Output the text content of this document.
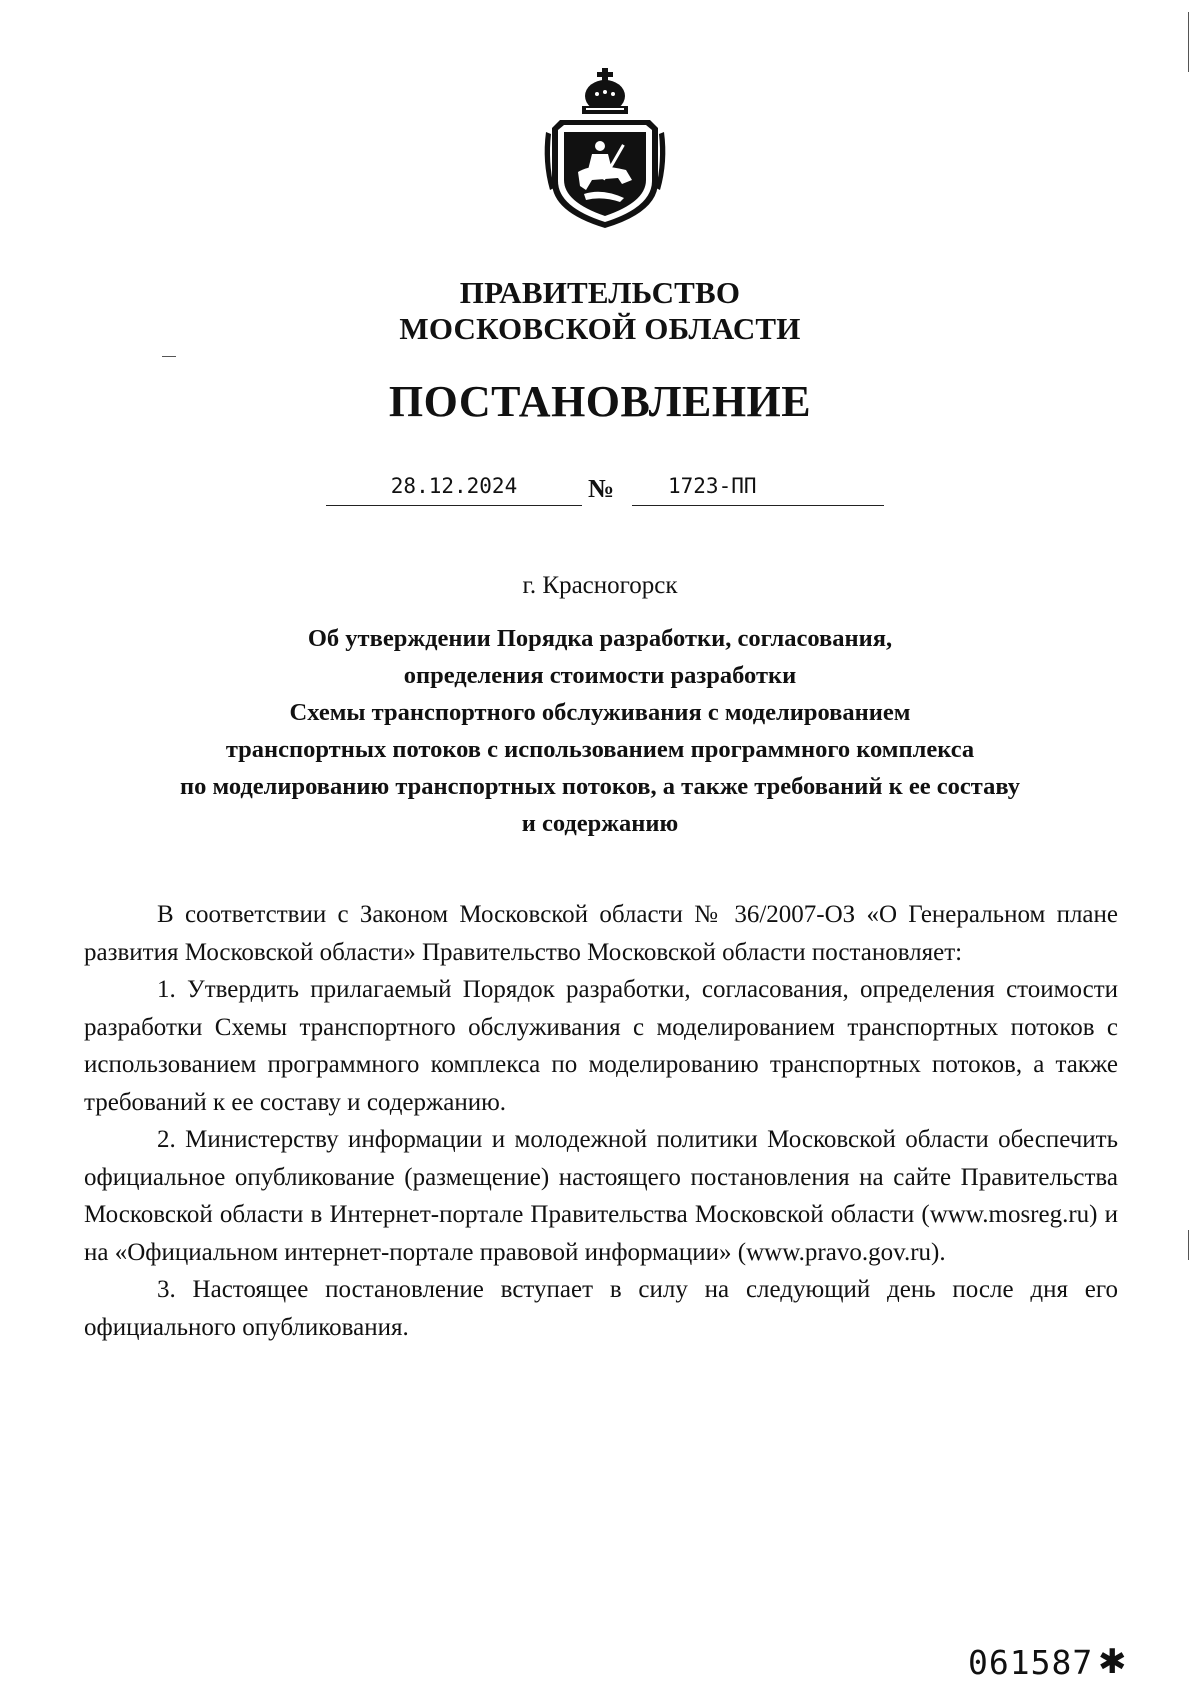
ПРАВИТЕЛЬСТВО
МОСКОВСКОЙ ОБЛАСТИ
ПОСТАНОВЛЕНИЕ
28.12.2024	№	1723-ПП
г. Красногорск
Об утверждении Порядка разработки, согласования,
определения стоимости разработки
Схемы транспортного обслуживания с моделированием
транспортных потоков с использованием программного комплекса
по моделированию транспортных потоков, а также требований к ее составу
и содержанию

В соответствии с Законом Московской области № 36/2007-ОЗ «О Генеральном плане развития Московской области» Правительство Московской области постановляет:

1. Утвердить прилагаемый Порядок разработки, согласования, определения стоимости разработки Схемы транспортного обслуживания с моделированием транспортных потоков с использованием программного комплекса по моделированию транспортных потоков, а также требований к ее составу и содержанию.

2. Министерству информации и молодежной политики Московской области обеспечить официальное опубликование (размещение) настоящего постановления на сайте Правительства Московской области в Интернет-портале Правительства Московской области (www.mosreg.ru) и на «Официальном интернет-портале правовой информации» (www.pravo.gov.ru).

3. Настоящее постановление вступает в силу на следующий день после дня его официального опубликования.

061587 ✱
